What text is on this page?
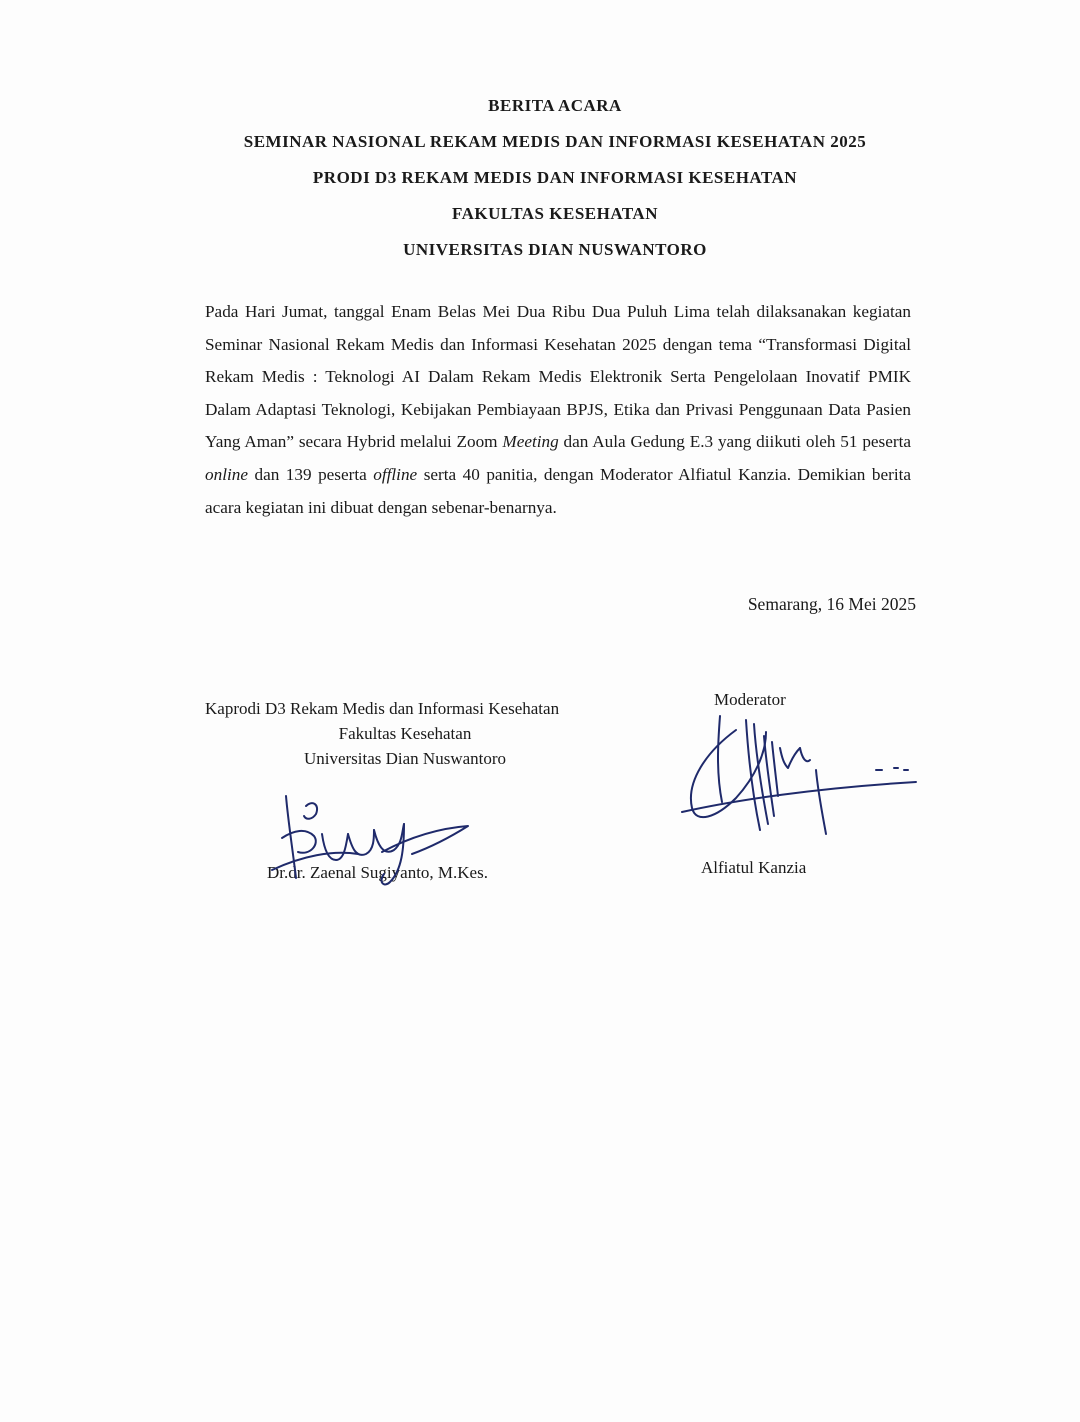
BERITA ACARA
SEMINAR NASIONAL REKAM MEDIS DAN INFORMASI KESEHATAN 2025
PRODI D3 REKAM MEDIS DAN INFORMASI KESEHATAN
FAKULTAS KESEHATAN
UNIVERSITAS DIAN NUSWANTORO
Pada Hari Jumat, tanggal Enam Belas Mei Dua Ribu Dua Puluh Lima telah dilaksanakan kegiatan Seminar Nasional Rekam Medis dan Informasi Kesehatan 2025 dengan tema “Transformasi Digital Rekam Medis : Teknologi AI Dalam Rekam Medis Elektronik Serta Pengelolaan Inovatif PMIK Dalam Adaptasi Teknologi, Kebijakan Pembiayaan BPJS, Etika dan Privasi Penggunaan Data Pasien Yang Aman” secara Hybrid melalui Zoom Meeting dan Aula Gedung E.3 yang diikuti oleh 51 peserta online dan 139 peserta offline serta 40 panitia, dengan Moderator Alfiatul Kanzia. Demikian berita acara kegiatan ini dibuat dengan sebenar-benarnya.
Semarang, 16 Mei 2025
Kaprodi D3 Rekam Medis dan Informasi Kesehatan
Fakultas Kesehatan
Universitas Dian Nuswantoro
Dr.dr. Zaenal Sugiyanto, M.Kes.
Moderator
Alfiatul Kanzia
